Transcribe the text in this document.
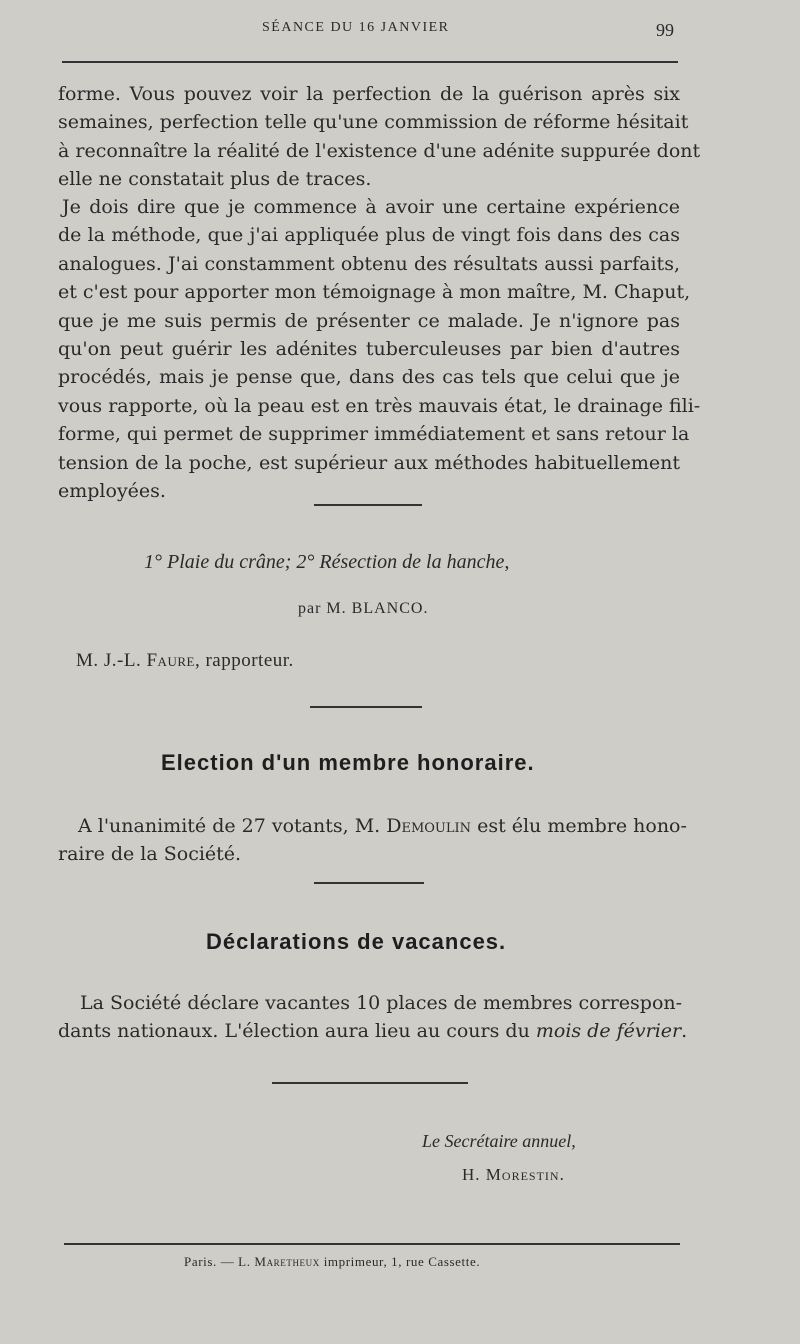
SÉANCE DU 16 JANVIER	99
forme. Vous pouvez voir la perfection de la guérison après six
semaines, perfection telle qu'une commission de réforme hésitait
à reconnaître la réalité de l'existence d'une adénite suppurée dont
elle ne constatait plus de traces.
Je dois dire que je commence à avoir une certaine expérience
de la méthode, que j'ai appliquée plus de vingt fois dans des cas
analogues. J'ai constamment obtenu des résultats aussi parfaits,
et c'est pour apporter mon témoignage à mon maître, M. Chaput,
que je me suis permis de présenter ce malade. Je n'ignore pas
qu'on peut guérir les adénites tuberculeuses par bien d'autres
procédés, mais je pense que, dans des cas tels que celui que je
vous rapporte, où la peau est en très mauvais état, le drainage fili-
forme, qui permet de supprimer immédiatement et sans retour la
tension de la poche, est supérieur aux méthodes habituellement
employées.
1° Plaie du crâne; 2° Résection de la hanche,
par M. BLANCO.
M. J.-L. Faure, rapporteur.
Election d'un membre honoraire.
A l'unanimité de 27 votants, M. Demoulin est élu membre hono-
raire de la Société.
Déclarations de vacances.
La Société déclare vacantes 10 places de membres correspon-
dants nationaux. L'élection aura lieu au cours du mois de février.
Le Secrétaire annuel,
H. Morestin.
Paris. — L. Maretheux imprimeur, 1, rue Cassette.
